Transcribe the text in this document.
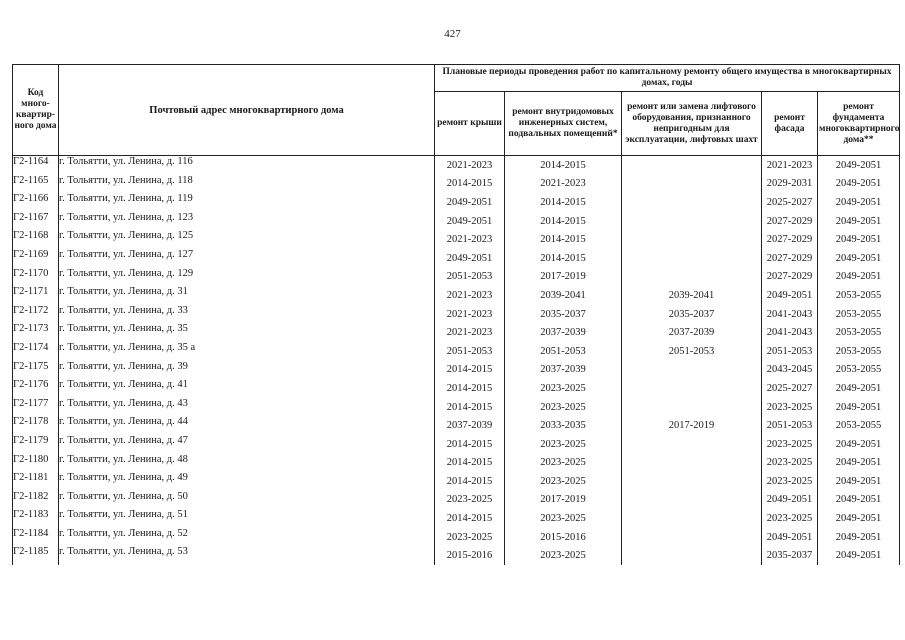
427
Код много-квартир-ного дома	Почтовый адрес многоквартирного дома	Плановые периоды проведения работ по капитальному ремонту общего имущества в многоквартирных домах, годы				
		ремонт крыши	ремонт внутридомовых инженерных систем, подвальных помещений*	ремонт или замена лифтового оборудования, признанного непригодным для эксплуатации, лифтовых шахт	ремонт фасада	ремонт фундамента многоквартирного дома**
Г2-1164	г. Тольятти, ул. Ленина, д. 116	2021-2023	2014-2015		2021-2023	2049-2051
Г2-1165	г. Тольятти, ул. Ленина, д. 118	2014-2015	2021-2023		2029-2031	2049-2051
Г2-1166	г. Тольятти, ул. Ленина, д. 119	2049-2051	2014-2015		2025-2027	2049-2051
Г2-1167	г. Тольятти, ул. Ленина, д. 123	2049-2051	2014-2015		2027-2029	2049-2051
Г2-1168	г. Тольятти, ул. Ленина, д. 125	2021-2023	2014-2015		2027-2029	2049-2051
Г2-1169	г. Тольятти, ул. Ленина, д. 127	2049-2051	2014-2015		2027-2029	2049-2051
Г2-1170	г. Тольятти, ул. Ленина, д. 129	2051-2053	2017-2019		2027-2029	2049-2051
Г2-1171	г. Тольятти, ул. Ленина, д. 31	2021-2023	2039-2041	2039-2041	2049-2051	2053-2055
Г2-1172	г. Тольятти, ул. Ленина, д. 33	2021-2023	2035-2037	2035-2037	2041-2043	2053-2055
Г2-1173	г. Тольятти, ул. Ленина, д. 35	2021-2023	2037-2039	2037-2039	2041-2043	2053-2055
Г2-1174	г. Тольятти, ул. Ленина, д. 35 а	2051-2053	2051-2053	2051-2053	2051-2053	2053-2055
Г2-1175	г. Тольятти, ул. Ленина, д. 39	2014-2015	2037-2039		2043-2045	2053-2055
Г2-1176	г. Тольятти, ул. Ленина, д. 41	2014-2015	2023-2025		2025-2027	2049-2051
Г2-1177	г. Тольятти, ул. Ленина, д. 43	2014-2015	2023-2025		2023-2025	2049-2051
Г2-1178	г. Тольятти, ул. Ленина, д. 44	2037-2039	2033-2035	2017-2019	2051-2053	2053-2055
Г2-1179	г. Тольятти, ул. Ленина, д. 47	2014-2015	2023-2025		2023-2025	2049-2051
Г2-1180	г. Тольятти, ул. Ленина, д. 48	2014-2015	2023-2025		2023-2025	2049-2051
Г2-1181	г. Тольятти, ул. Ленина, д. 49	2014-2015	2023-2025		2023-2025	2049-2051
Г2-1182	г. Тольятти, ул. Ленина, д. 50	2023-2025	2017-2019		2049-2051	2049-2051
Г2-1183	г. Тольятти, ул. Ленина, д. 51	2014-2015	2023-2025		2023-2025	2049-2051
Г2-1184	г. Тольятти, ул. Ленина, д. 52	2023-2025	2015-2016		2049-2051	2049-2051
Г2-1185	г. Тольятти, ул. Ленина, д. 53	2015-2016	2023-2025		2035-2037	2049-2051
